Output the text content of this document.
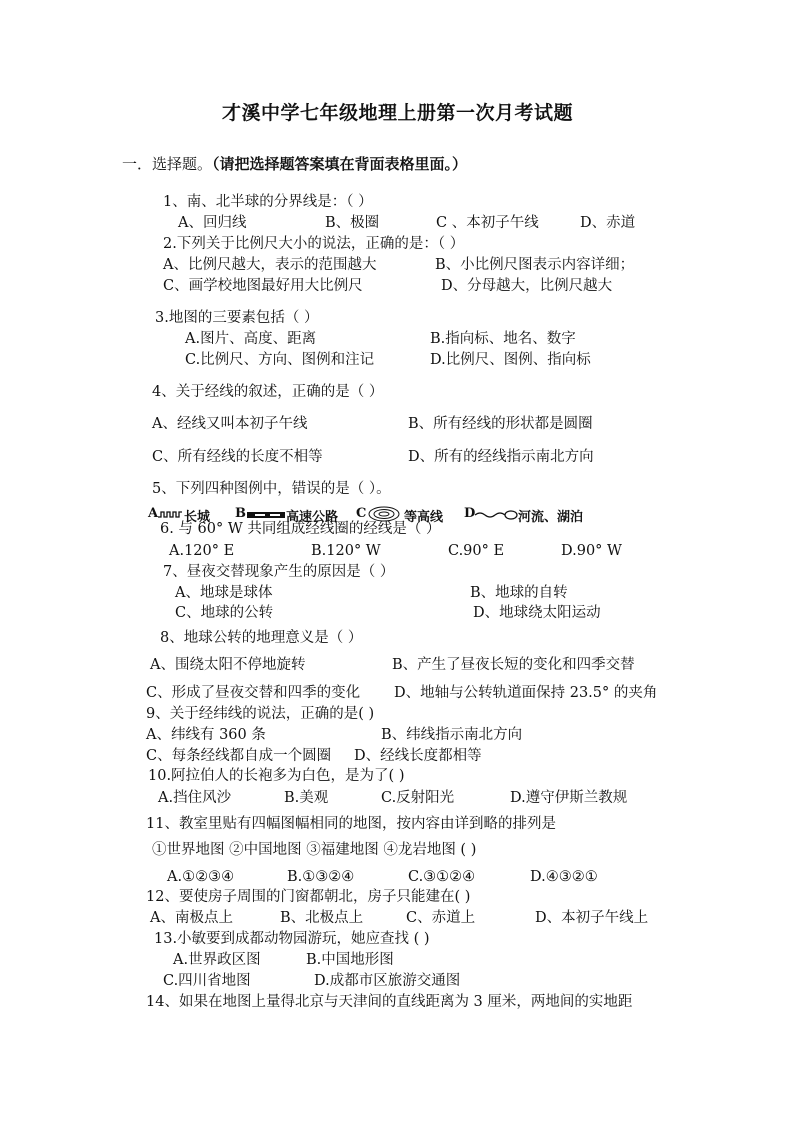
才溪中学七年级地理上册第一次月考试题
一．选择题。（请把选择题答案填在背面表格里面。）
1、南、北半球的分界线是：（ ）
A、回归线	B、极圈	C 、本初子午线	D、赤道
2.下列关于比例尺大小的说法，正确的是：（ ）
A、比例尺越大，表示的范围越大	B、小比例尺图表示内容详细；
C、画学校地图最好用大比例尺	D、分母越大，比例尺越大
3.地图的三要素包括（ ）
A.图片、高度、距离	B.指向标、地名、数字
C.比例尺、方向、图例和注记	D.比例尺、图例、指向标
4、关于经线的叙述，正确的是（ ）
A、经线又叫本初子午线	B、所有经线的形状都是圆圈
C、所有经线的长度不相等	D、所有的经线指示南北方向
5、下列四种图例中，错误的是（ ）。
A 长城 B	高速公路 C	等高线 D	河流、湖泊
6. 与 60° W 共同组成经线圈的经线是（ ）
A.120° E	B.120° W	C.90° E	D.90° W
7、昼夜交替现象产生的原因是（ ）
A、地球是球体	B、地球的自转
C、地球的公转	D、地球绕太阳运动
8、地球公转的地理意义是（ ）
A、围绕太阳不停地旋转	B、产生了昼夜长短的变化和四季交替
C、形成了昼夜交替和四季的变化 D、地轴与公转轨道面保持 23.5° 的夹角
9、关于经纬线的说法，正确的是( )
A、纬线有 360 条	B、纬线指示南北方向
C、每条经线都自成一个圆圈 D、经线长度都相等
10.阿拉伯人的长袍多为白色，是为了( )
A.挡住风沙	B.美观	C.反射阳光	D.遵守伊斯兰教规
11、教室里贴有四幅图幅相同的地图，按内容由详到略的排列是
①世界地图 ②中国地图 ③福建地图 ④龙岩地图 ( )
A.①②③④	B.①③②④	C.③①②④	D.④③②①
12、要使房子周围的门窗都朝北，房子只能建在( )
A、南极点上	B、北极点上	C、赤道上	D、本初子午线上
13.小敏要到成都动物园游玩，她应查找 ( )
A.世界政区图	B.中国地形图
C.四川省地图	D.成都市区旅游交通图
14、如果在地图上量得北京与天津间的直线距离为 3 厘米，两地间的实地距
